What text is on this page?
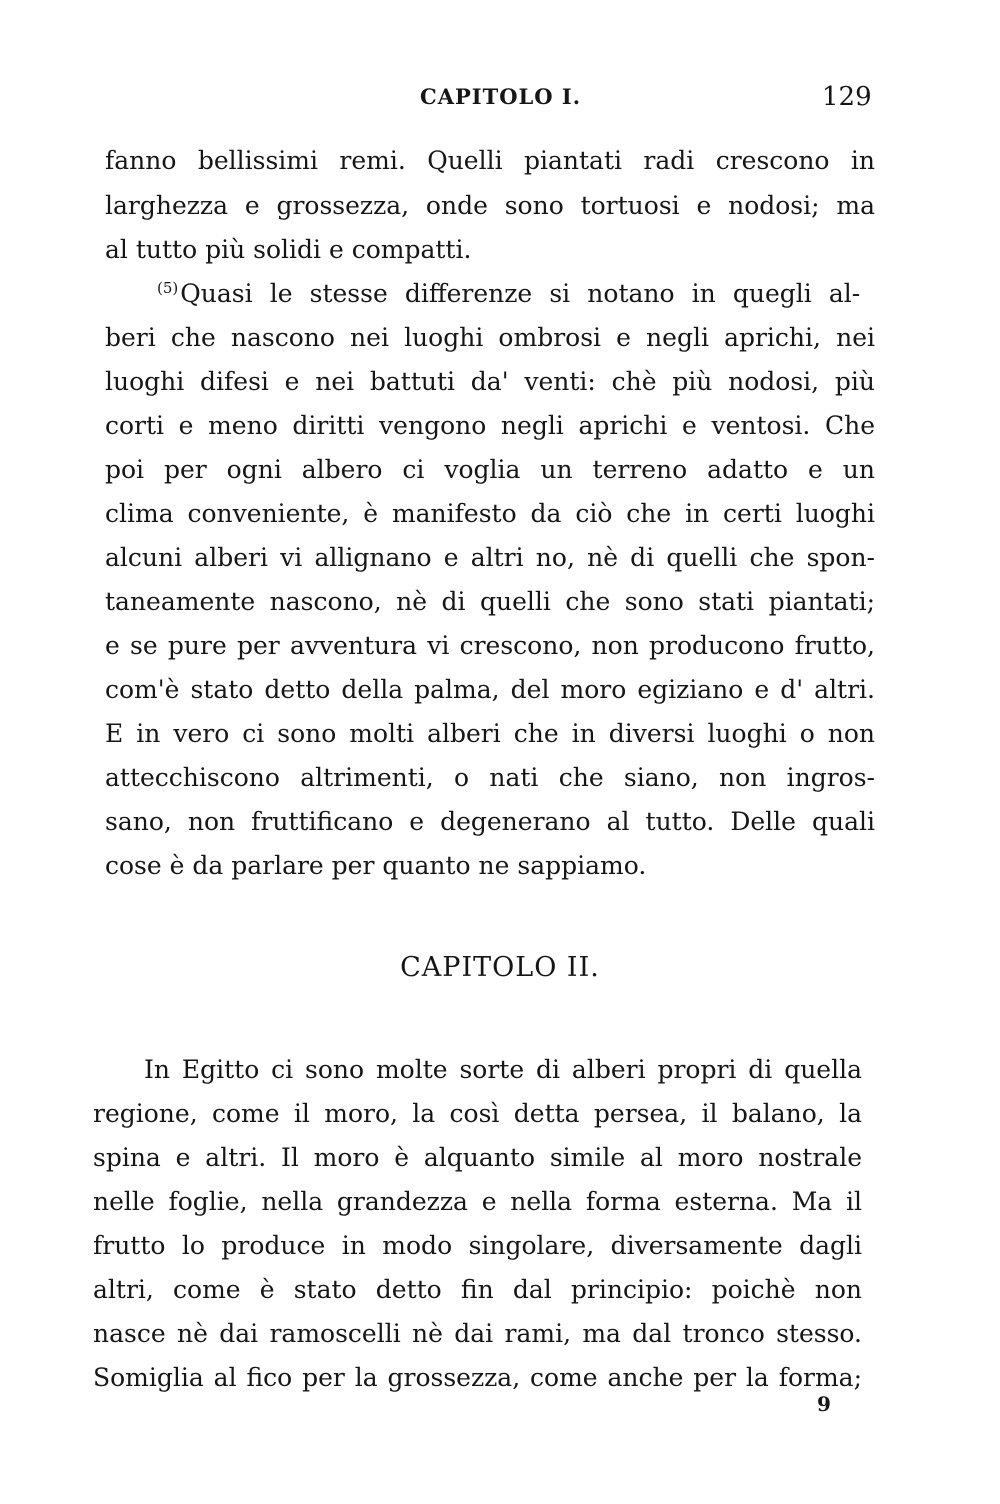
CAPITOLO I.	129
fanno bellissimi remi. Quelli piantati radi crescono in
larghezza e grossezza, onde sono tortuosi e nodosi; ma
al tutto più solidi e compatti.
$^{(5)}$Quasi le stesse differenze si notano in quegli al-
beri che nascono nei luoghi ombrosi e negli aprichi, nei
luoghi difesi e nei battuti da' venti: chè più nodosi, più
corti e meno diritti vengono negli aprichi e ventosi. Che
poi per ogni albero ci voglia un terreno adatto e un
clima conveniente, è manifesto da ciò che in certi luoghi
alcuni alberi vi allignano e altri no, nè di quelli che spon-
taneamente nascono, nè di quelli che sono stati piantati;
e se pure per avventura vi crescono, non producono frutto,
com'è stato detto della palma, del moro egiziano e d' altri.
E in vero ci sono molti alberi che in diversi luoghi o non
attecchiscono altrimenti, o nati che siano, non ingros-
sano, non fruttificano e degenerano al tutto. Delle quali
cose è da parlare per quanto ne sappiamo.
CAPITOLO II.
In Egitto ci sono molte sorte di alberi propri di quella
regione, come il moro, la così detta persea, il balano, la
spina e altri. Il moro è alquanto simile al moro nostrale
nelle foglie, nella grandezza e nella forma esterna. Ma il
frutto lo produce in modo singolare, diversamente dagli
altri, come è stato detto fin dal principio: poichè non
nasce nè dai ramoscelli nè dai rami, ma dal tronco stesso.
Somiglia al fico per la grossezza, come anche per la forma;
9
